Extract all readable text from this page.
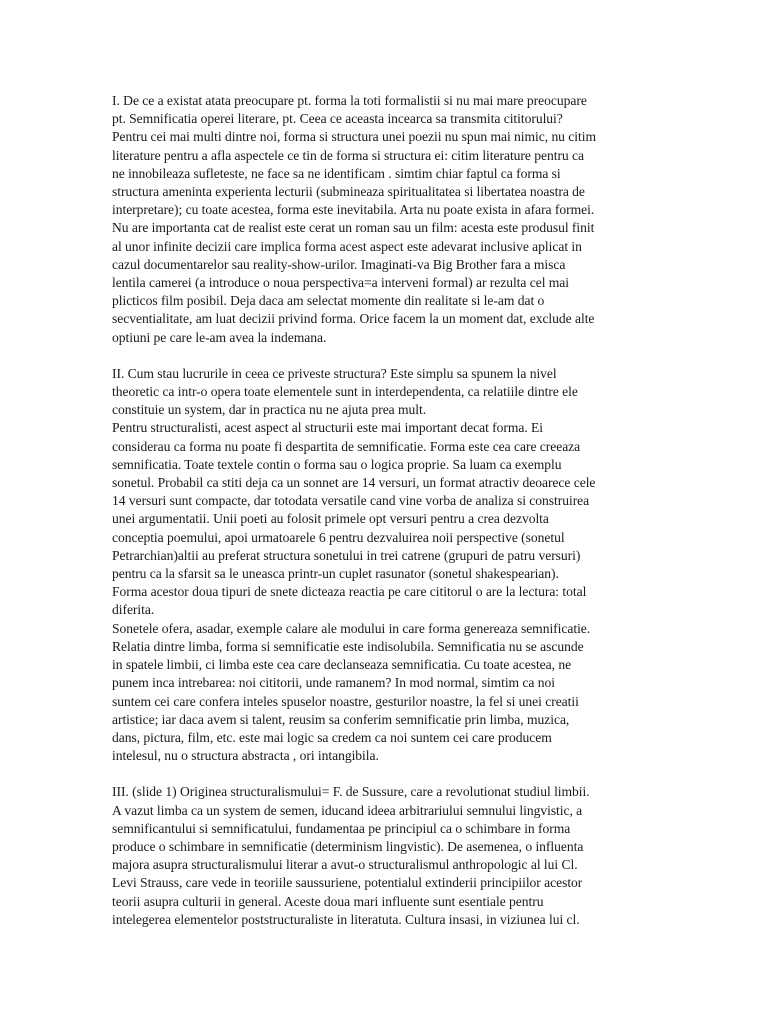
I. De ce a existat atata preocupare pt. forma la toti formalistii si nu mai mare preocupare
pt. Semnificatia operei literare, pt. Ceea ce aceasta incearca sa transmita cititorului?
Pentru cei mai multi dintre noi, forma si structura unei poezii nu spun mai nimic, nu citim
literature pentru a afla aspectele ce tin de forma si structura ei: citim literature pentru ca
ne innobileaza sufleteste, ne face sa ne identificam . simtim chiar faptul ca forma si
structura ameninta experienta lecturii (submineaza spiritualitatea si libertatea noastra de
interpretare); cu toate acestea, forma este inevitabila. Arta nu poate exista in afara formei.
Nu are importanta cat de realist este cerat un roman sau un film: acesta este produsul finit
al unor infinite decizii care implica forma acest aspect este adevarat inclusive aplicat in
cazul documentarelor sau reality-show-urilor. Imaginati-va Big Brother fara a misca
lentila camerei (a introduce o noua perspectiva=a interveni formal) ar rezulta cel mai
plicticos film posibil. Deja daca am selectat momente din realitate si le-am dat o
secventialitate, am luat decizii privind forma. Orice facem la un moment dat, exclude alte
optiuni pe care le-am avea la indemana.
II. Cum stau lucrurile in ceea ce priveste structura? Este simplu sa spunem la nivel
theoretic ca intr-o opera toate elementele sunt in interdependenta, ca relatiile dintre ele
constituie un system, dar in practica nu ne ajuta prea mult.
Pentru structuralisti, acest aspect al structurii este mai important decat forma. Ei
considerau ca forma nu poate fi despartita de semnificatie. Forma este cea care creeaza
semnificatia. Toate textele contin o forma sau o logica proprie. Sa luam ca exemplu
sonetul. Probabil ca stiti deja ca un sonnet are 14 versuri, un format atractiv deoarece cele
14 versuri sunt compacte, dar totodata versatile cand vine vorba de analiza si construirea
unei argumentatii. Unii poeti au folosit primele opt versuri pentru a crea dezvolta
conceptia poemului, apoi urmatoarele 6 pentru dezvaluirea noii perspective (sonetul
Petrarchian)altii au preferat structura sonetului in trei catrene (grupuri de patru versuri)
pentru ca la sfarsit sa le uneasca printr-un cuplet rasunator (sonetul shakespearian).
Forma acestor doua tipuri de snete dicteaza reactia pe care cititorul o are la lectura: total
diferita.
Sonetele ofera, asadar, exemple calare ale modului in care forma genereaza semnificatie.
Relatia dintre limba, forma si semnificatie este indisolubila. Semnificatia nu se ascunde
in spatele limbii, ci limba este cea care declanseaza semnificatia. Cu toate acestea, ne
punem inca intrebarea: noi cititorii, unde ramanem? In mod normal, simtim ca noi
suntem cei care confera inteles spuselor noastre, gesturilor noastre, la fel si unei creatii
artistice; iar daca avem si talent, reusim sa conferim semnificatie prin limba, muzica,
dans, pictura, film, etc. este mai logic sa credem ca noi suntem cei care producem
intelesul, nu o structura abstracta , ori intangibila.
III. (slide 1) Originea structuralismului= F. de Sussure, care a revolutionat studiul limbii.
A vazut limba ca un system de semen, iducand ideea arbitrariului semnului lingvistic, a
semnificantului si semnificatului, fundamentaa pe principiul ca o schimbare in forma
produce o schimbare in semnificatie (determinism lingvistic). De asemenea, o influenta
majora asupra structuralismului literar a avut-o structuralismul anthropologic al lui Cl.
Levi Strauss, care vede in teoriile saussuriene, potentialul extinderii principiilor acestor
teorii asupra culturii in general. Aceste doua mari influente sunt esentiale pentru
intelegerea elementelor poststructuraliste in literatuta. Cultura insasi, in viziunea lui cl.
